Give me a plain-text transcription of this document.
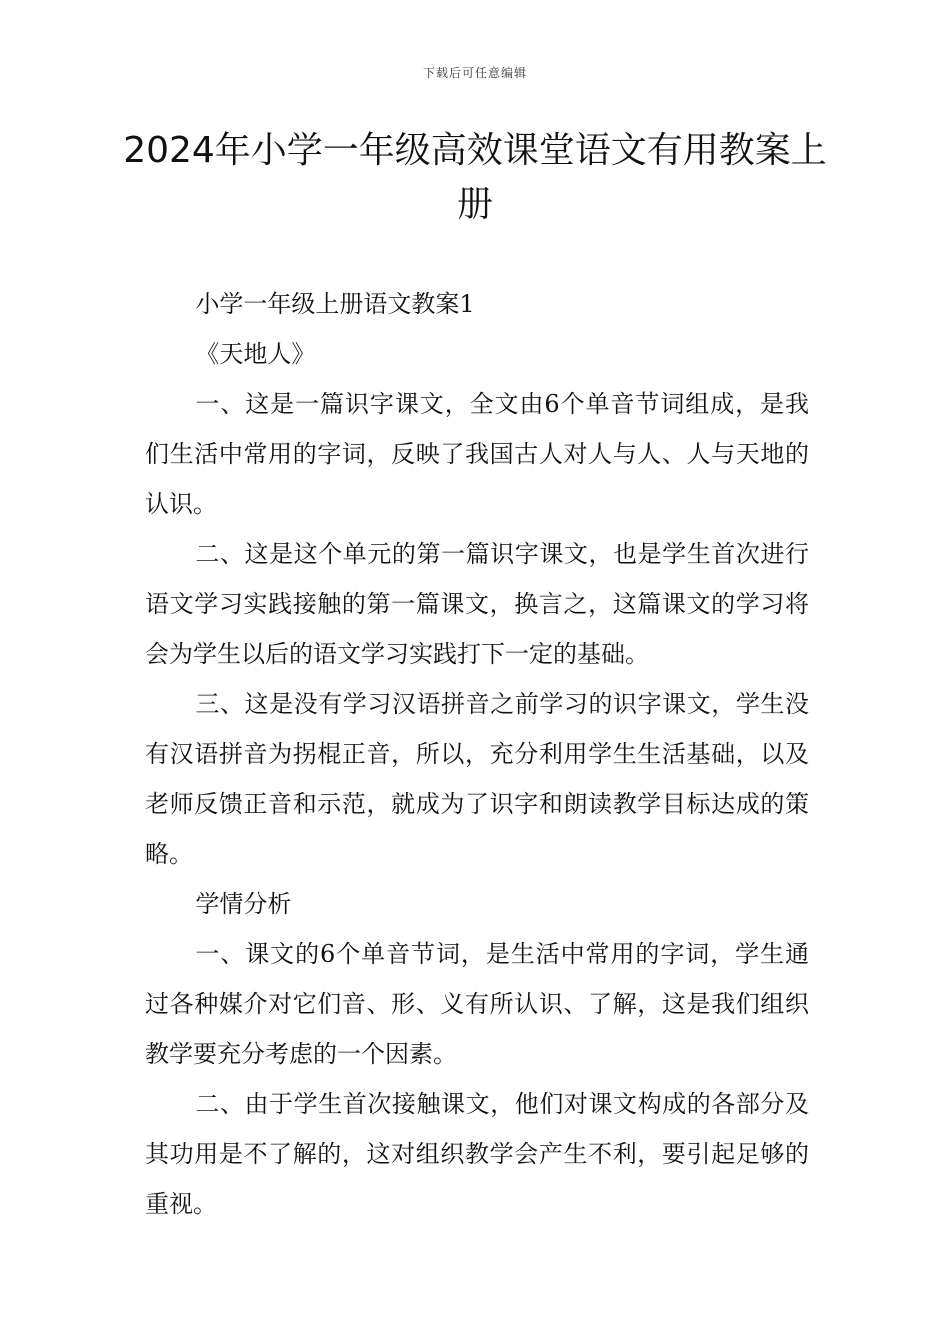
下载后可任意编辑
2024年小学一年级高效课堂语文有用教案上册

小学一年级上册语文教案1

《天地人》

一、这是一篇识字课文，全文由6个单音节词组成，是我们生活中常用的字词，反映了我国古人对人与人、人与天地的认识。

二、这是这个单元的第一篇识字课文，也是学生首次进行语文学习实践接触的第一篇课文，换言之，这篇课文的学习将会为学生以后的语文学习实践打下一定的基础。

三、这是没有学习汉语拼音之前学习的识字课文，学生没有汉语拼音为拐棍正音，所以，充分利用学生生活基础，以及老师反馈正音和示范，就成为了识字和朗读教学目标达成的策略。

学情分析

一、课文的6个单音节词，是生活中常用的字词，学生通过各种媒介对它们音、形、义有所认识、了解，这是我们组织教学要充分考虑的一个因素。

二、由于学生首次接触课文，他们对课文构成的各部分及其功用是不了解的，这对组织教学会产生不利，要引起足够的重视。
